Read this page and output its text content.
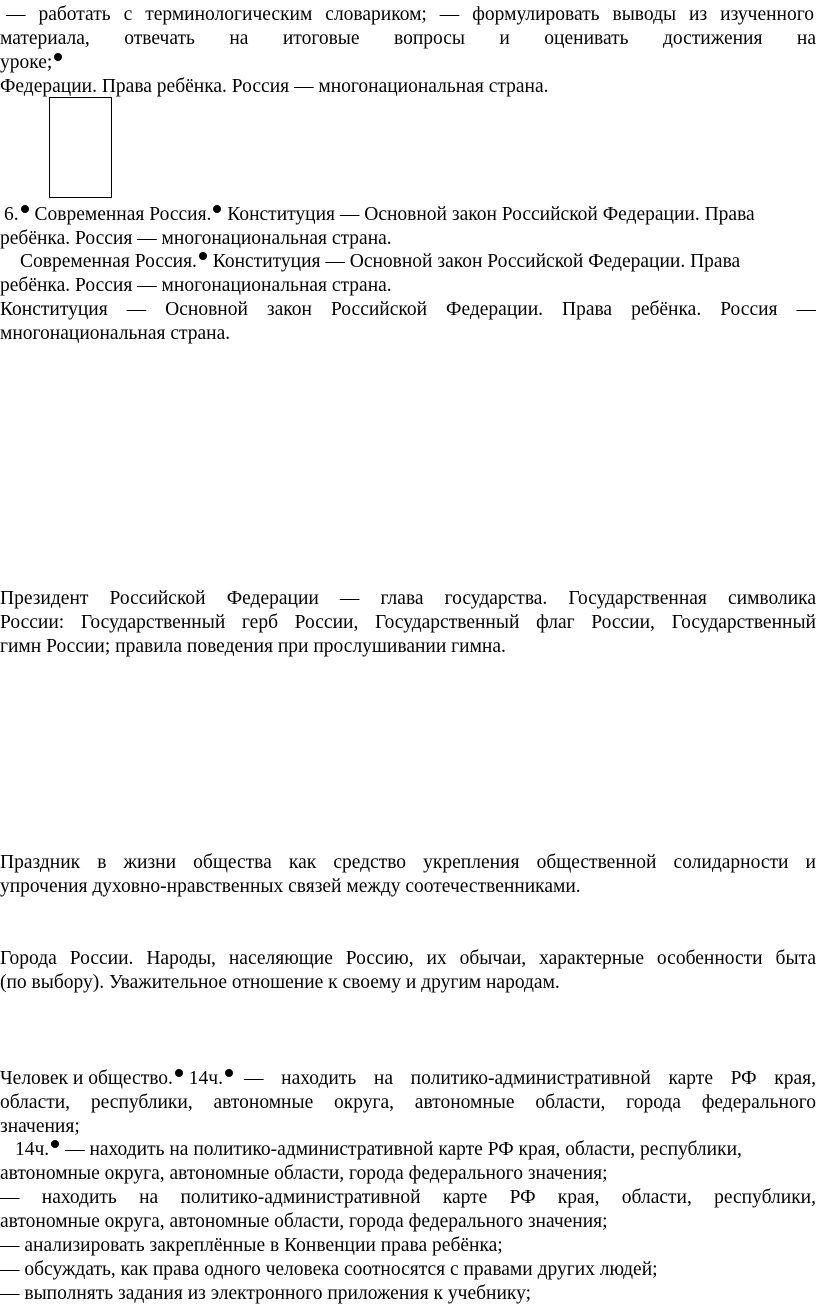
— работать с терминологическим словариком; — формулировать выводы из изученного
материала, отвечать на итоговые вопросы и оценивать достижения на
уроке;
Федерации. Права ребёнка. Россия — многонациональная страна.
6. Современная Россия. Конституция — Основной закон Российской Федерации. Права
ребёнка. Россия — многонациональная страна.
Современная Россия. Конституция — Основной закон Российской Федерации. Права
ребёнка. Россия — многонациональная страна.
Конституция — Основной закон Российской Федерации. Права ребёнка. Россия —
многонациональная страна.
Президент Российской Федерации — глава государства. Государственная символика
России: Государственный герб России, Государственный флаг России, Государственный
гимн России; правила поведения при прослушивании гимна.
Праздник в жизни общества как средство укрепления общественной солидарности и
упрочения духовно-нравственных связей между соотечественниками.
Города России. Народы, населяющие Россию, их обычаи, характерные особенности быта
(по выбору). Уважительное отношение к своему и другим народам.
Человек и общество. 14ч.	— находить на политико-административной карте РФ края,
области, республики, автономные округа, автономные области, города федерального
значения;
14ч. — находить на политико-административной карте РФ края, области, республики,
автономные округа, автономные области, города федерального значения;
— находить на политико-административной карте РФ края, области, республики,
автономные округа, автономные области, города федерального значения;
— анализировать закреплённые в Конвенции права ребёнка;
— обсуждать, как права одного человека соотносятся с правами других людей;
— выполнять задания из электронного приложения к учебнику;
